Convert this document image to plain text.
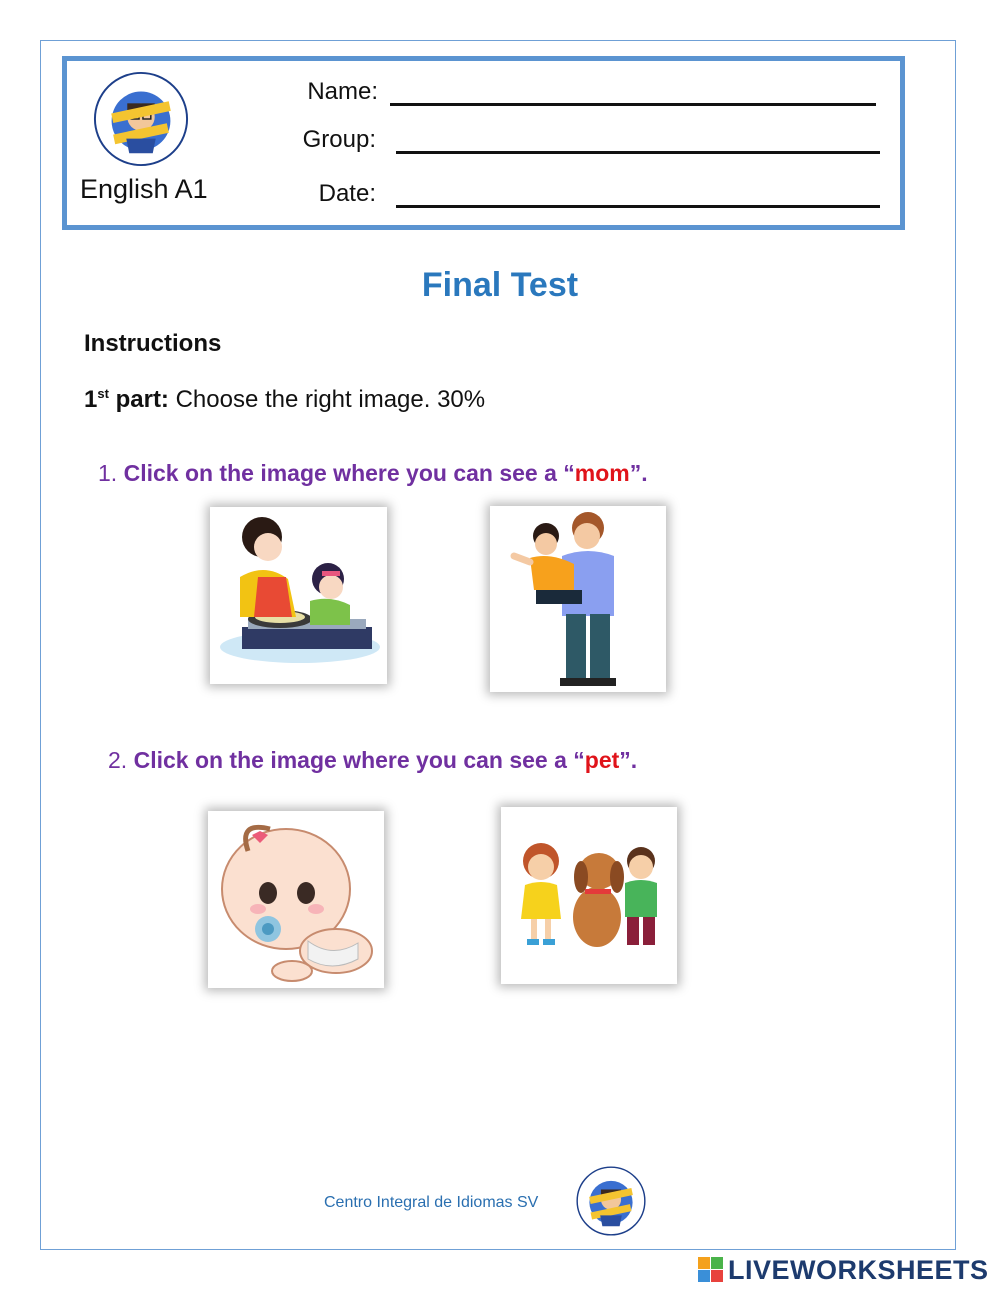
English A1
Name:
Group:
Date:
Final Test
Instructions
1st part: Choose the right image. 30%
1. Click on the image where you can see a “mom”.
2. Click on the image where you can see a “pet”.
Centro Integral de Idiomas SV
LIVEWORKSHEETS
